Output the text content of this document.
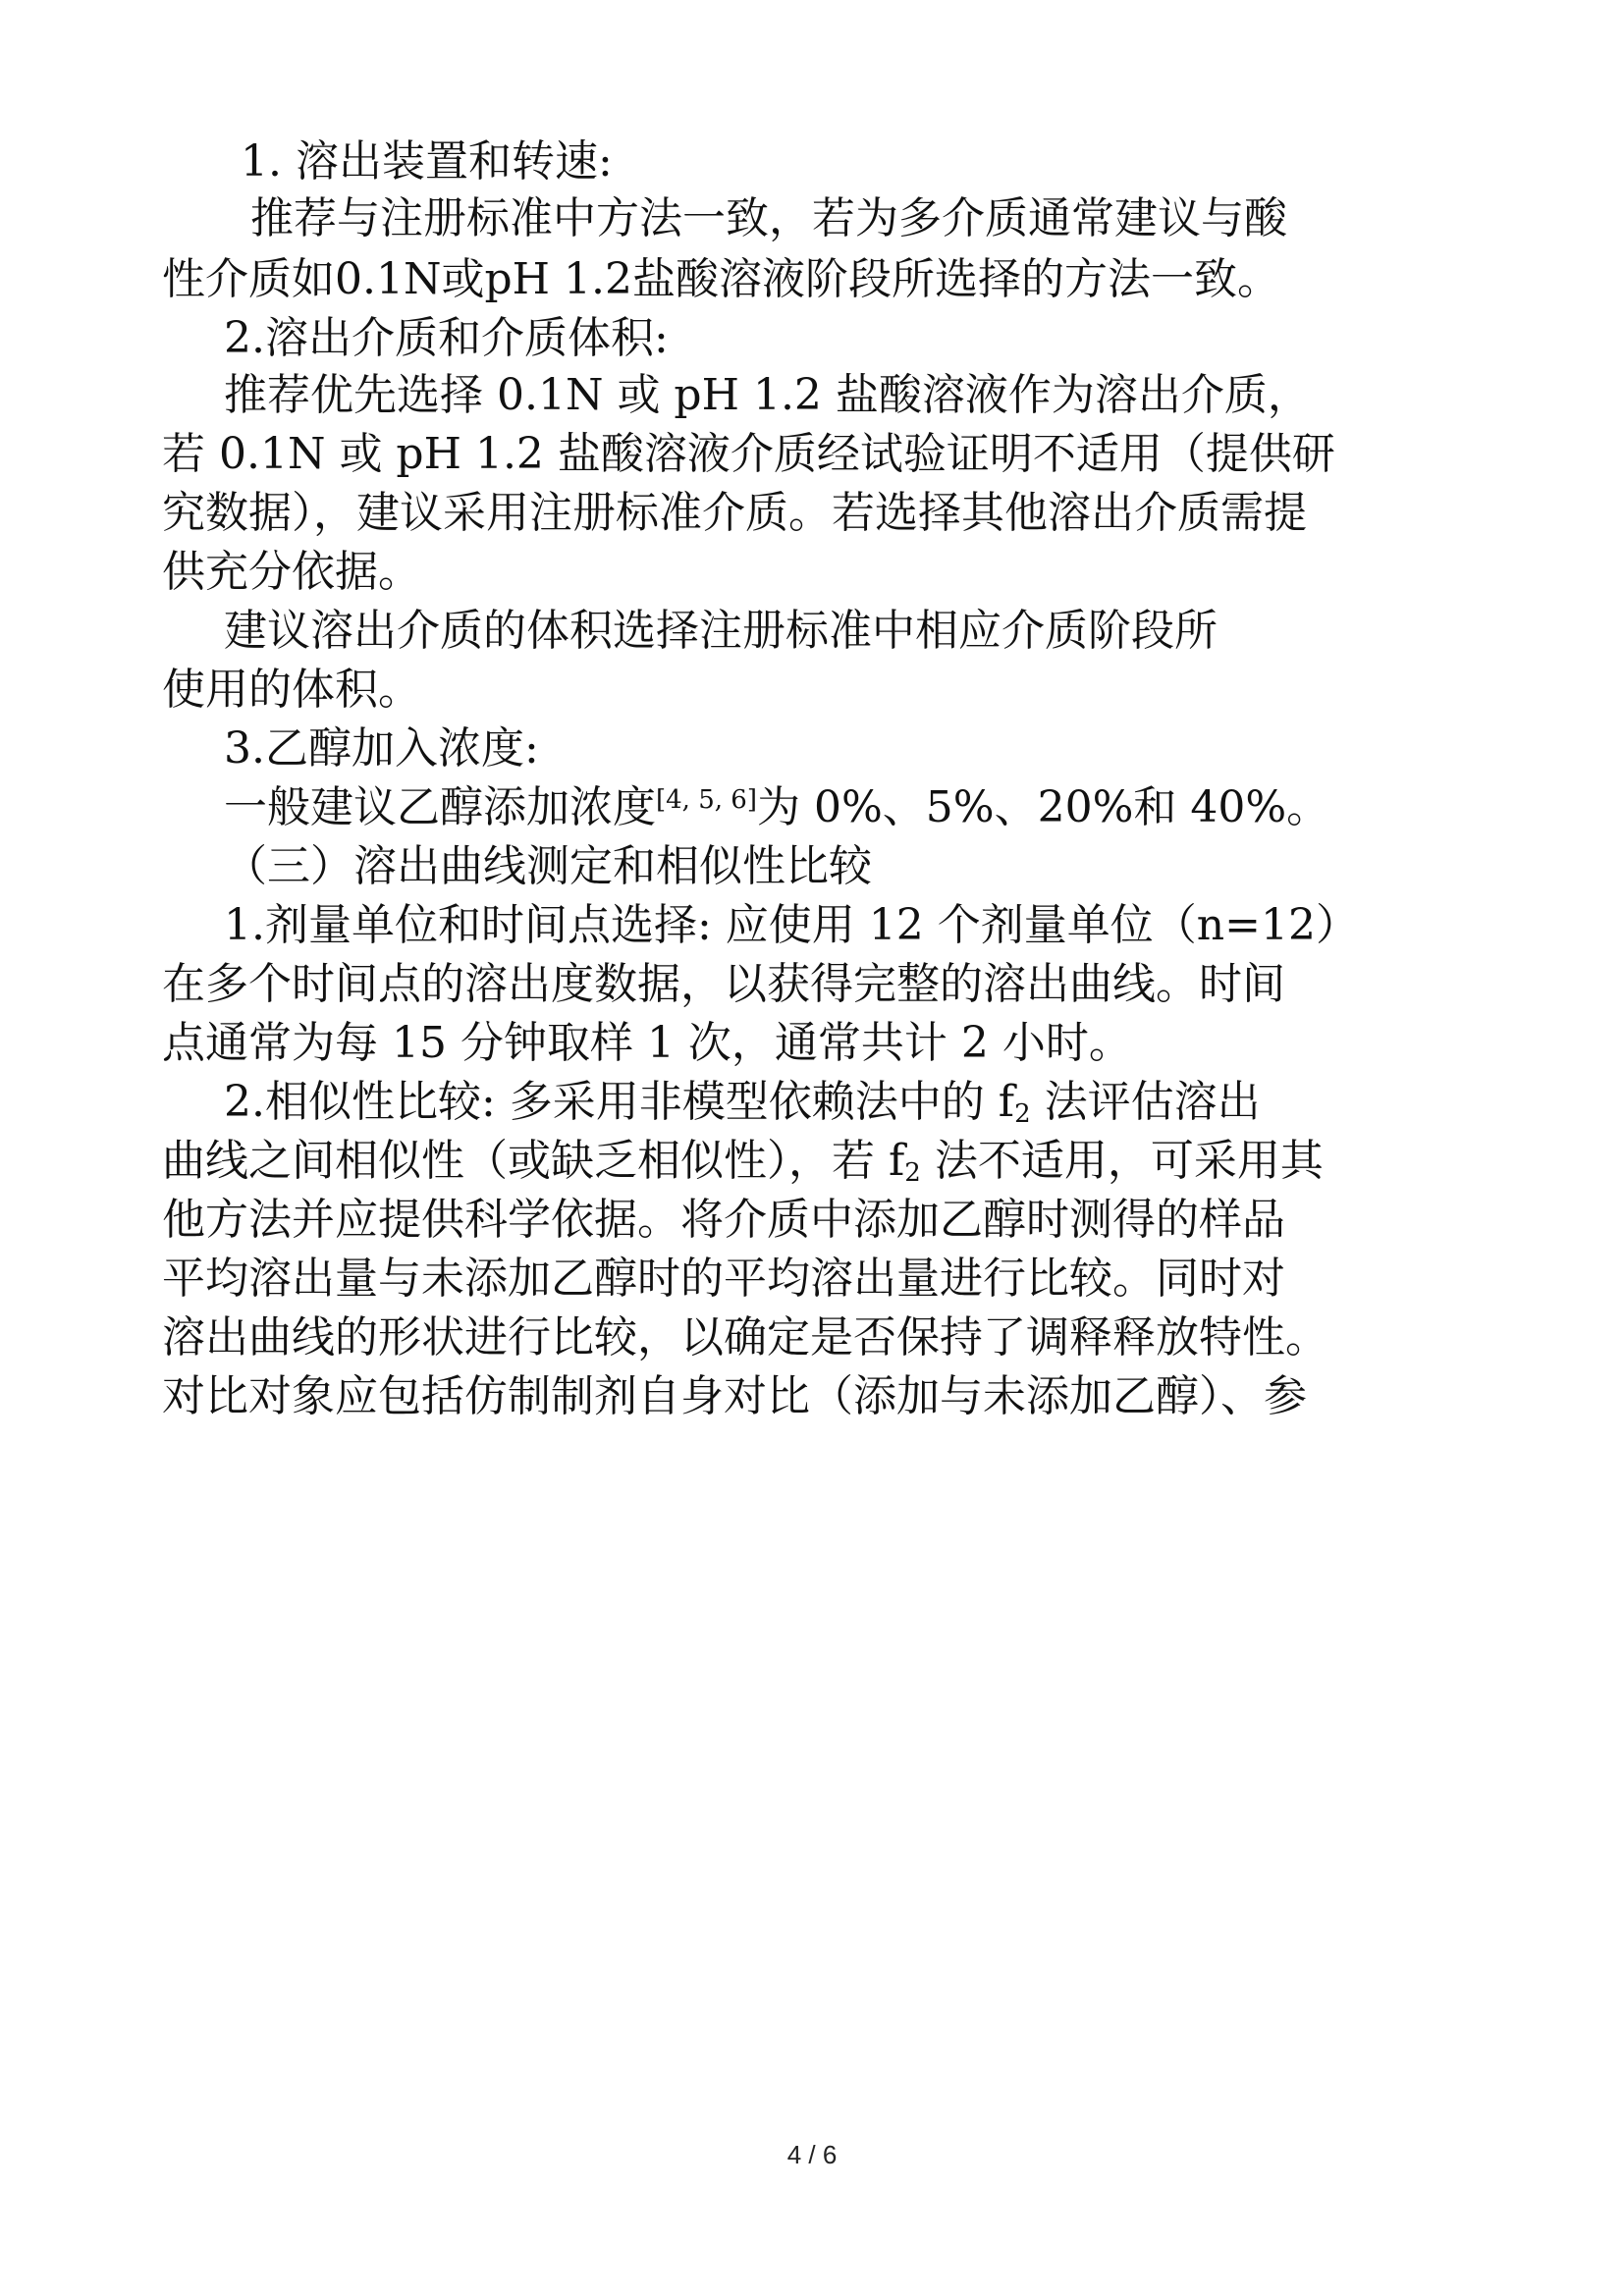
1. 溶出装置和转速:
推荐与注册标准中方法一致，若为多介质通常建议与酸
性介质如0.1N或pH 1.2盐酸溶液阶段所选择的方法一致。
2.溶出介质和介质体积:
推荐优先选择 0.1N 或 pH 1.2 盐酸溶液作为溶出介质，
若 0.1N 或 pH 1.2 盐酸溶液介质经试验证明不适用（提供研
究数据），建议采用注册标准介质。若选择其他溶出介质需提
供充分依据。
建议溶出介质的体积选择注册标准中相应介质阶段所
使用的体积。
3.乙醇加入浓度:
一般建议乙醇添加浓度[4, 5, 6]为 0%、5%、20%和 40%。
（三）溶出曲线测定和相似性比较
1.剂量单位和时间点选择: 应使用 12 个剂量单位（n=12）
在多个时间点的溶出度数据，以获得完整的溶出曲线。时间
点通常为每 15 分钟取样 1 次，通常共计 2 小时。
2.相似性比较: 多采用非模型依赖法中的 $f_2$ 法评估溶出
曲线之间相似性（或缺乏相似性），若 $f_2$ 法不适用，可采用其
他方法并应提供科学依据。将介质中添加乙醇时测得的样品
平均溶出量与未添加乙醇时的平均溶出量进行比较。同时对
溶出曲线的形状进行比较，以确定是否保持了调释释放特性。
对比对象应包括仿制制剂自身对比（添加与未添加乙醇）、参
4 / 6
